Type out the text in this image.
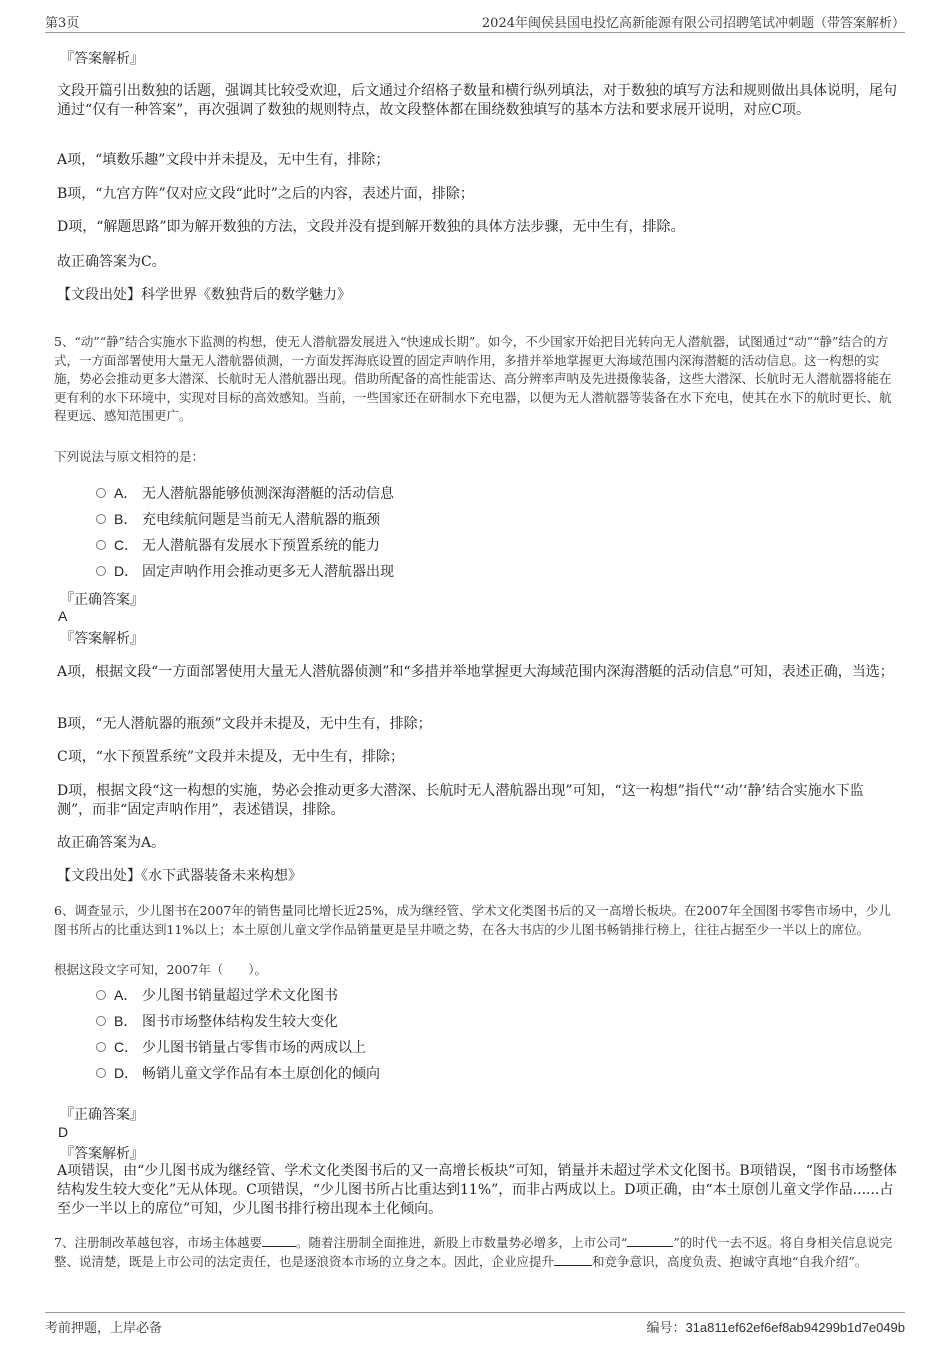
第3页	2024年闽侯县国电投忆高新能源有限公司招聘笔试冲刺题（带答案解析）
『答案解析』
文段开篇引出数独的话题，强调其比较受欢迎，后文通过介绍格子数量和横行纵列填法，对于数独的填写方法和规则做出具体说明，尾句通过“仅有一种答案”，再次强调了数独的规则特点，故文段整体都在围绕数独填写的基本方法和要求展开说明，对应C项。
A项，“填数乐趣”文段中并未提及，无中生有，排除；
B项，“九宫方阵”仅对应文段“此时”之后的内容，表述片面，排除；
D项，“解题思路”即为解开数独的方法，文段并没有提到解开数独的具体方法步骤，无中生有，排除。
故正确答案为C。
【文段出处】科学世界《数独背后的数学魅力》
5、“动”“静”结合实施水下监测的构想，使无人潜航器发展进入“快速成长期”。如今，不少国家开始把目光转向无人潜航器，试图通过“动”“静”结合的方式，一方面部署使用大量无人潜航器侦测，一方面发挥海底设置的固定声呐作用，多措并举地掌握更大海域范围内深海潜艇的活动信息。这一构想的实施，势必会推动更多大潜深、长航时无人潜航器出现。借助所配备的高性能雷达、高分辨率声呐及先进摄像装备，这些大潜深、长航时无人潜航器将能在更有利的水下环境中，实现对目标的高效感知。当前，一些国家还在研制水下充电器，以便为无人潜航器等装备在水下充电，使其在水下的航时更长、航程更远、感知范围更广。
下列说法与原文相符的是：
A． 无人潜航器能够侦测深海潜艇的活动信息
B． 充电续航问题是当前无人潜航器的瓶颈
C． 无人潜航器有发展水下预置系统的能力
D． 固定声呐作用会推动更多无人潜航器出现
『正确答案』
A
『答案解析』
A项，根据文段“一方面部署使用大量无人潜航器侦测”和“多措并举地掌握更大海域范围内深海潜艇的活动信息”可知，表述正确，当选；
B项，“无人潜航器的瓶颈”文段并未提及，无中生有，排除；
C项，“水下预置系统”文段并未提及，无中生有，排除；
D项，根据文段“这一构想的实施，势必会推动更多大潜深、长航时无人潜航器出现”可知，“这一构想”指代“‘动’‘静’结合实施水下监测”，而非“固定声呐作用”，表述错误，排除。
故正确答案为A。
【文段出处】《水下武器装备未来构想》
6、调查显示，少儿图书在2007年的销售量同比增长近25%，成为继经管、学术文化类图书后的又一高增长板块。在2007年全国图书零售市场中，少儿图书所占的比重达到11%以上；本土原创儿童文学作品销量更是呈井喷之势，在各大书店的少儿图书畅销排行榜上，往往占据至少一半以上的席位。
根据这段文字可知，2007年（　　）。
A． 少儿图书销量超过学术文化图书
B． 图书市场整体结构发生较大变化
C． 少儿图书销量占零售市场的两成以上
D． 畅销儿童文学作品有本土原创化的倾向
『正确答案』
D
『答案解析』
A项错误，由“少儿图书成为继经管、学术文化类图书后的又一高增长板块”可知，销量并未超过学术文化图书。B项错误，“图书市场整体结构发生较大变化”无从体现。C项错误，“少儿图书所占比重达到11%”，而非占两成以上。D项正确，由“本土原创儿童文学作品......占至少一半以上的席位”可知，少儿图书排行榜出现本土化倾向。
7、注册制改革越包容，市场主体越要	。随着注册制全面推进，新股上市数量势必增多，上市公司“	”的时代一去不返。将自身相关信息说完整、说清楚，既是上市公司的法定责任，也是逐浪资本市场的立身之本。因此，企业应提升	和竞争意识，高度负责、抱诚守真地“自我介绍”。
考前押题，上岸必备	编号：31a811ef62ef6ef8ab94299b1d7e049b
